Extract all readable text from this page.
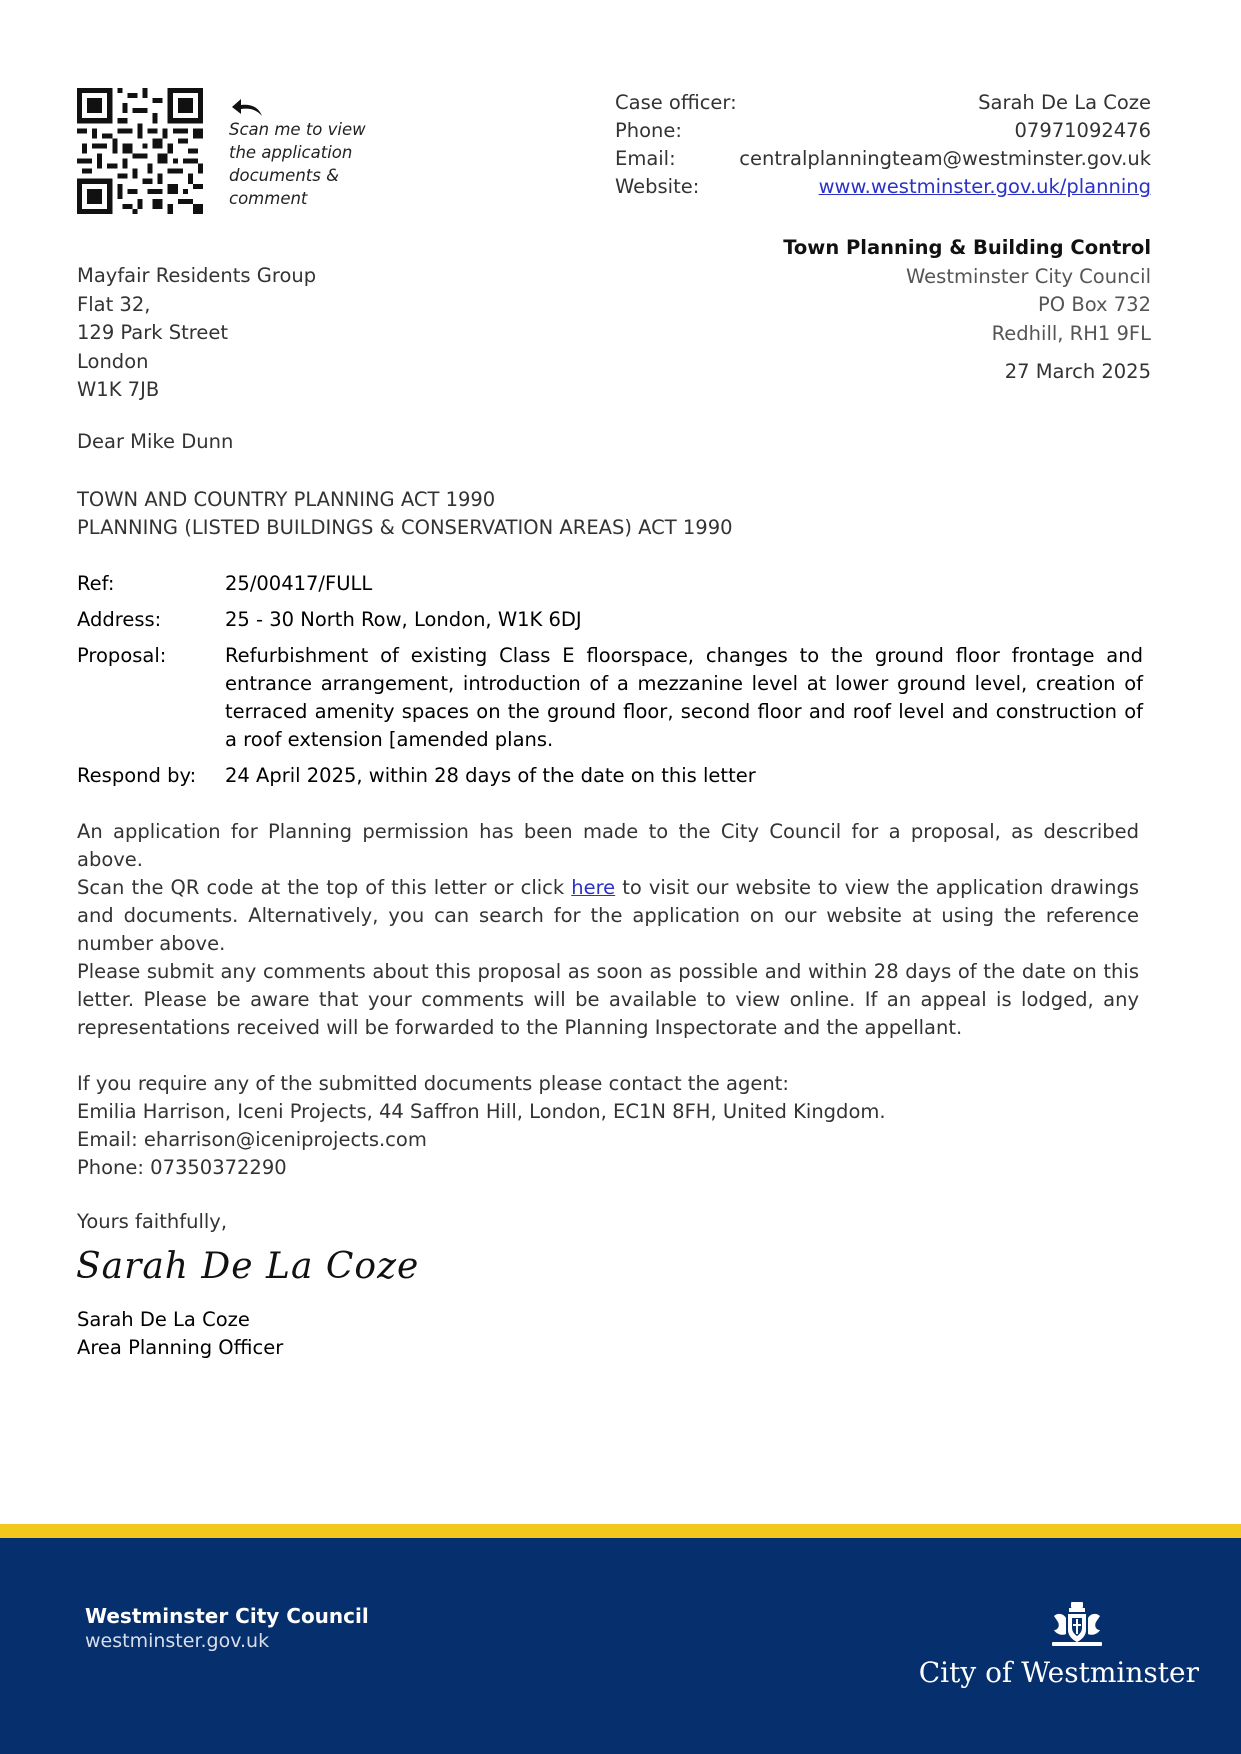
Scan me to view
the application
documents &
comment
Case officer:	Sarah De La Coze
Phone:	07971092476
Email:	centralplanningteam@westminster.gov.uk
Website:	www.westminster.gov.uk/planning
Town Planning & Building Control
Westminster City Council
PO Box 732
Redhill, RH1 9FL
27 March 2025
Mayfair Residents Group
Flat 32,
129 Park Street
London
W1K 7JB
Dear Mike Dunn
TOWN AND COUNTRY PLANNING ACT 1990
PLANNING (LISTED BUILDINGS & CONSERVATION AREAS) ACT 1990
Ref:	25/00417/FULL
Address:	25 - 30 North Row, London, W1K 6DJ
Proposal:	Refurbishment of existing Class E floorspace, changes to the ground floor frontage and entrance arrangement, introduction of a mezzanine level at lower ground level, creation of terraced amenity spaces on the ground floor, second floor and roof level and construction of a roof extension [amended plans.
Respond by:	24 April 2025, within 28 days of the date on this letter
An application for Planning permission has been made to the City Council for a proposal, as described above.
Scan the QR code at the top of this letter or click here to visit our website to view the application drawings and documents. Alternatively, you can search for the application on our website at using the reference number above.
Please submit any comments about this proposal as soon as possible and within 28 days of the date on this letter. Please be aware that your comments will be available to view online. If an appeal is lodged, any representations received will be forwarded to the Planning Inspectorate and the appellant.
If you require any of the submitted documents please contact the agent:
Emilia Harrison, Iceni Projects, 44 Saffron Hill, London, EC1N 8FH, United Kingdom.
Email: eharrison@iceniprojects.com
Phone: 07350372290
Yours faithfully,
Sarah De La Coze
Sarah De La Coze
Area Planning Officer
Westminster City Council
westminster.gov.uk
City of Westminster
